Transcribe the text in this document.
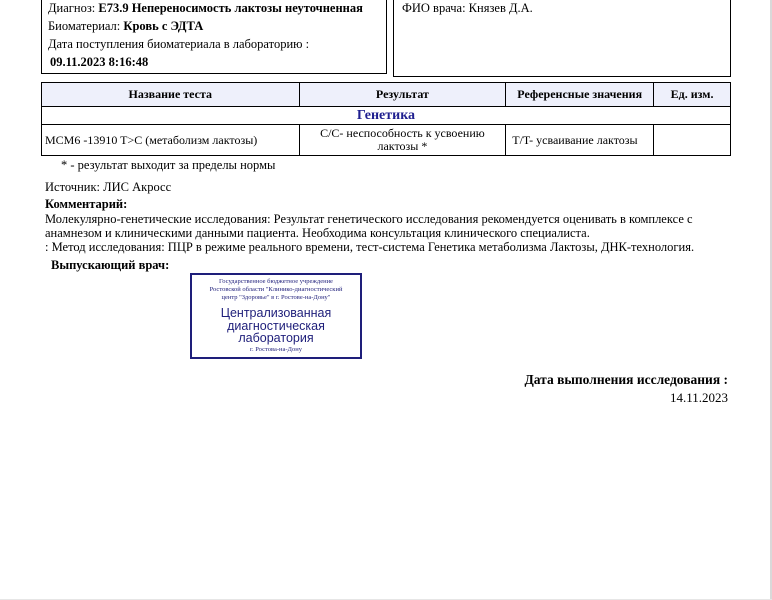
Диагноз: E73.9 Непереносимость лактозы неуточненная
Биоматериал: Кровь с ЭДТА
Дата поступления биоматериала в лабораторию :
09.11.2023 8:16:48
ФИО врача: Князев Д.А.
Название теста	Результат	Референсные значения	Ед. изм.
Генетика			
MCM6 -13910 T>C (метаболизм лактозы)	C/C- неспособность к усвоению лактозы *	T/T- усваивание лактозы	
* - результат выходит за пределы нормы
Источник: ЛИС Акросс
Комментарий:

Молекулярно-генетические исследования: Результат генетического исследования рекомендуется оценивать в комплексе с

анамнезом и клиническими данными пациента. Необходима консультация клинического специалиста.

: Метод исследования: ПЦР в режиме реального времени, тест-система Генетика метаболизма Лактозы, ДНК-технология.

Выпускающий врач:
Государственное бюджетное учреждение
Ростовской области "Клинико-диагностический
центр "Здоровье" в г. Ростове-на-Дону"
Централизованная
диагностическая
лаборатория
г. Ростова-на-Дону
Дата выполнения исследования :
14.11.2023
